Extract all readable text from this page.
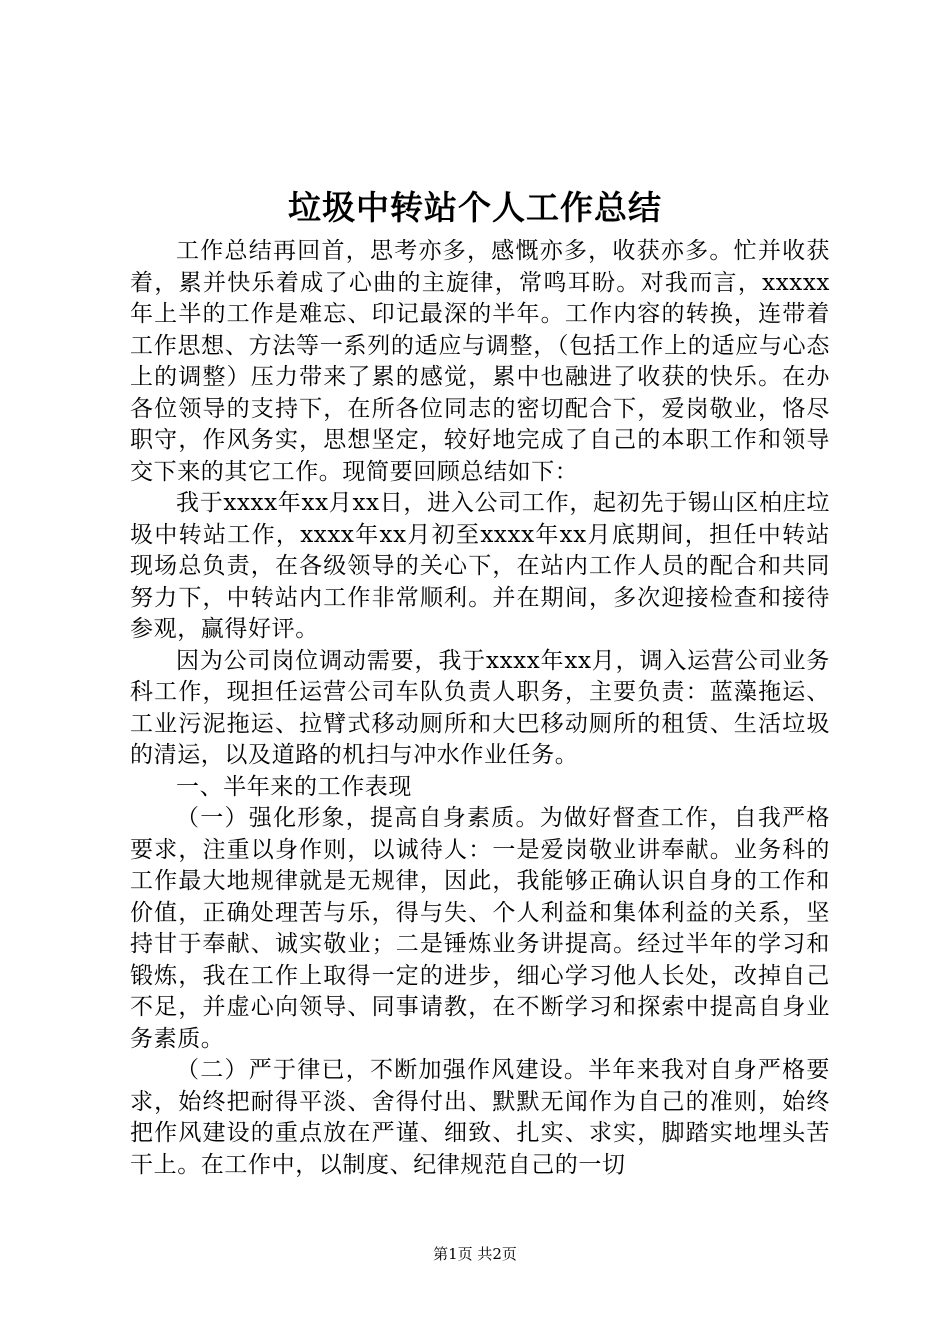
垃圾中转站个人工作总结

工作总结再回首，思考亦多，感慨亦多，收获亦多。忙并收获着，累并快乐着成了心曲的主旋律，常鸣耳盼。对我而言，xxxxx年上半的工作是难忘、印记最深的半年。工作内容的转换，连带着工作思想、方法等一系列的适应与调整，（包括工作上的适应与心态上的调整）压力带来了累的感觉，累中也融进了收获的快乐。在办各位领导的支持下，在所各位同志的密切配合下，爱岗敬业，恪尽职守，作风务实，思想坚定，较好地完成了自己的本职工作和领导交下来的其它工作。现简要回顾总结如下：

我于xxxx年xx月xx日，进入公司工作，起初先于锡山区柏庄垃圾中转站工作，xxxx年xx月初至xxxx年xx月底期间，担任中转站现场总负责，在各级领导的关心下，在站内工作人员的配合和共同努力下，中转站内工作非常顺利。并在期间，多次迎接检查和接待参观，赢得好评。

因为公司岗位调动需要，我于xxxx年xx月，调入运营公司业务科工作，现担任运营公司车队负责人职务，主要负责：蓝藻拖运、工业污泥拖运、拉臂式移动厕所和大巴移动厕所的租赁、生活垃圾的清运，以及道路的机扫与冲水作业任务。

一、半年来的工作表现

（一）强化形象，提高自身素质。为做好督查工作，自我严格要求，注重以身作则，以诚待人：一是爱岗敬业讲奉献。业务科的工作最大地规律就是无规律，因此，我能够正确认识自身的工作和价值，正确处理苦与乐，得与失、个人利益和集体利益的关系，坚持甘于奉献、诚实敬业；二是锤炼业务讲提高。经过半年的学习和锻炼，我在工作上取得一定的进步，细心学习他人长处，改掉自己不足，并虚心向领导、同事请教，在不断学习和探索中提高自身业务素质。

（二）严于律已，不断加强作风建设。半年来我对自身严格要求，始终把耐得平淡、舍得付出、默默无闻作为自己的准则，始终把作风建设的重点放在严谨、细致、扎实、求实，脚踏实地埋头苦干上。在工作中，以制度、纪律规范自己的一切

第1页 共2页
